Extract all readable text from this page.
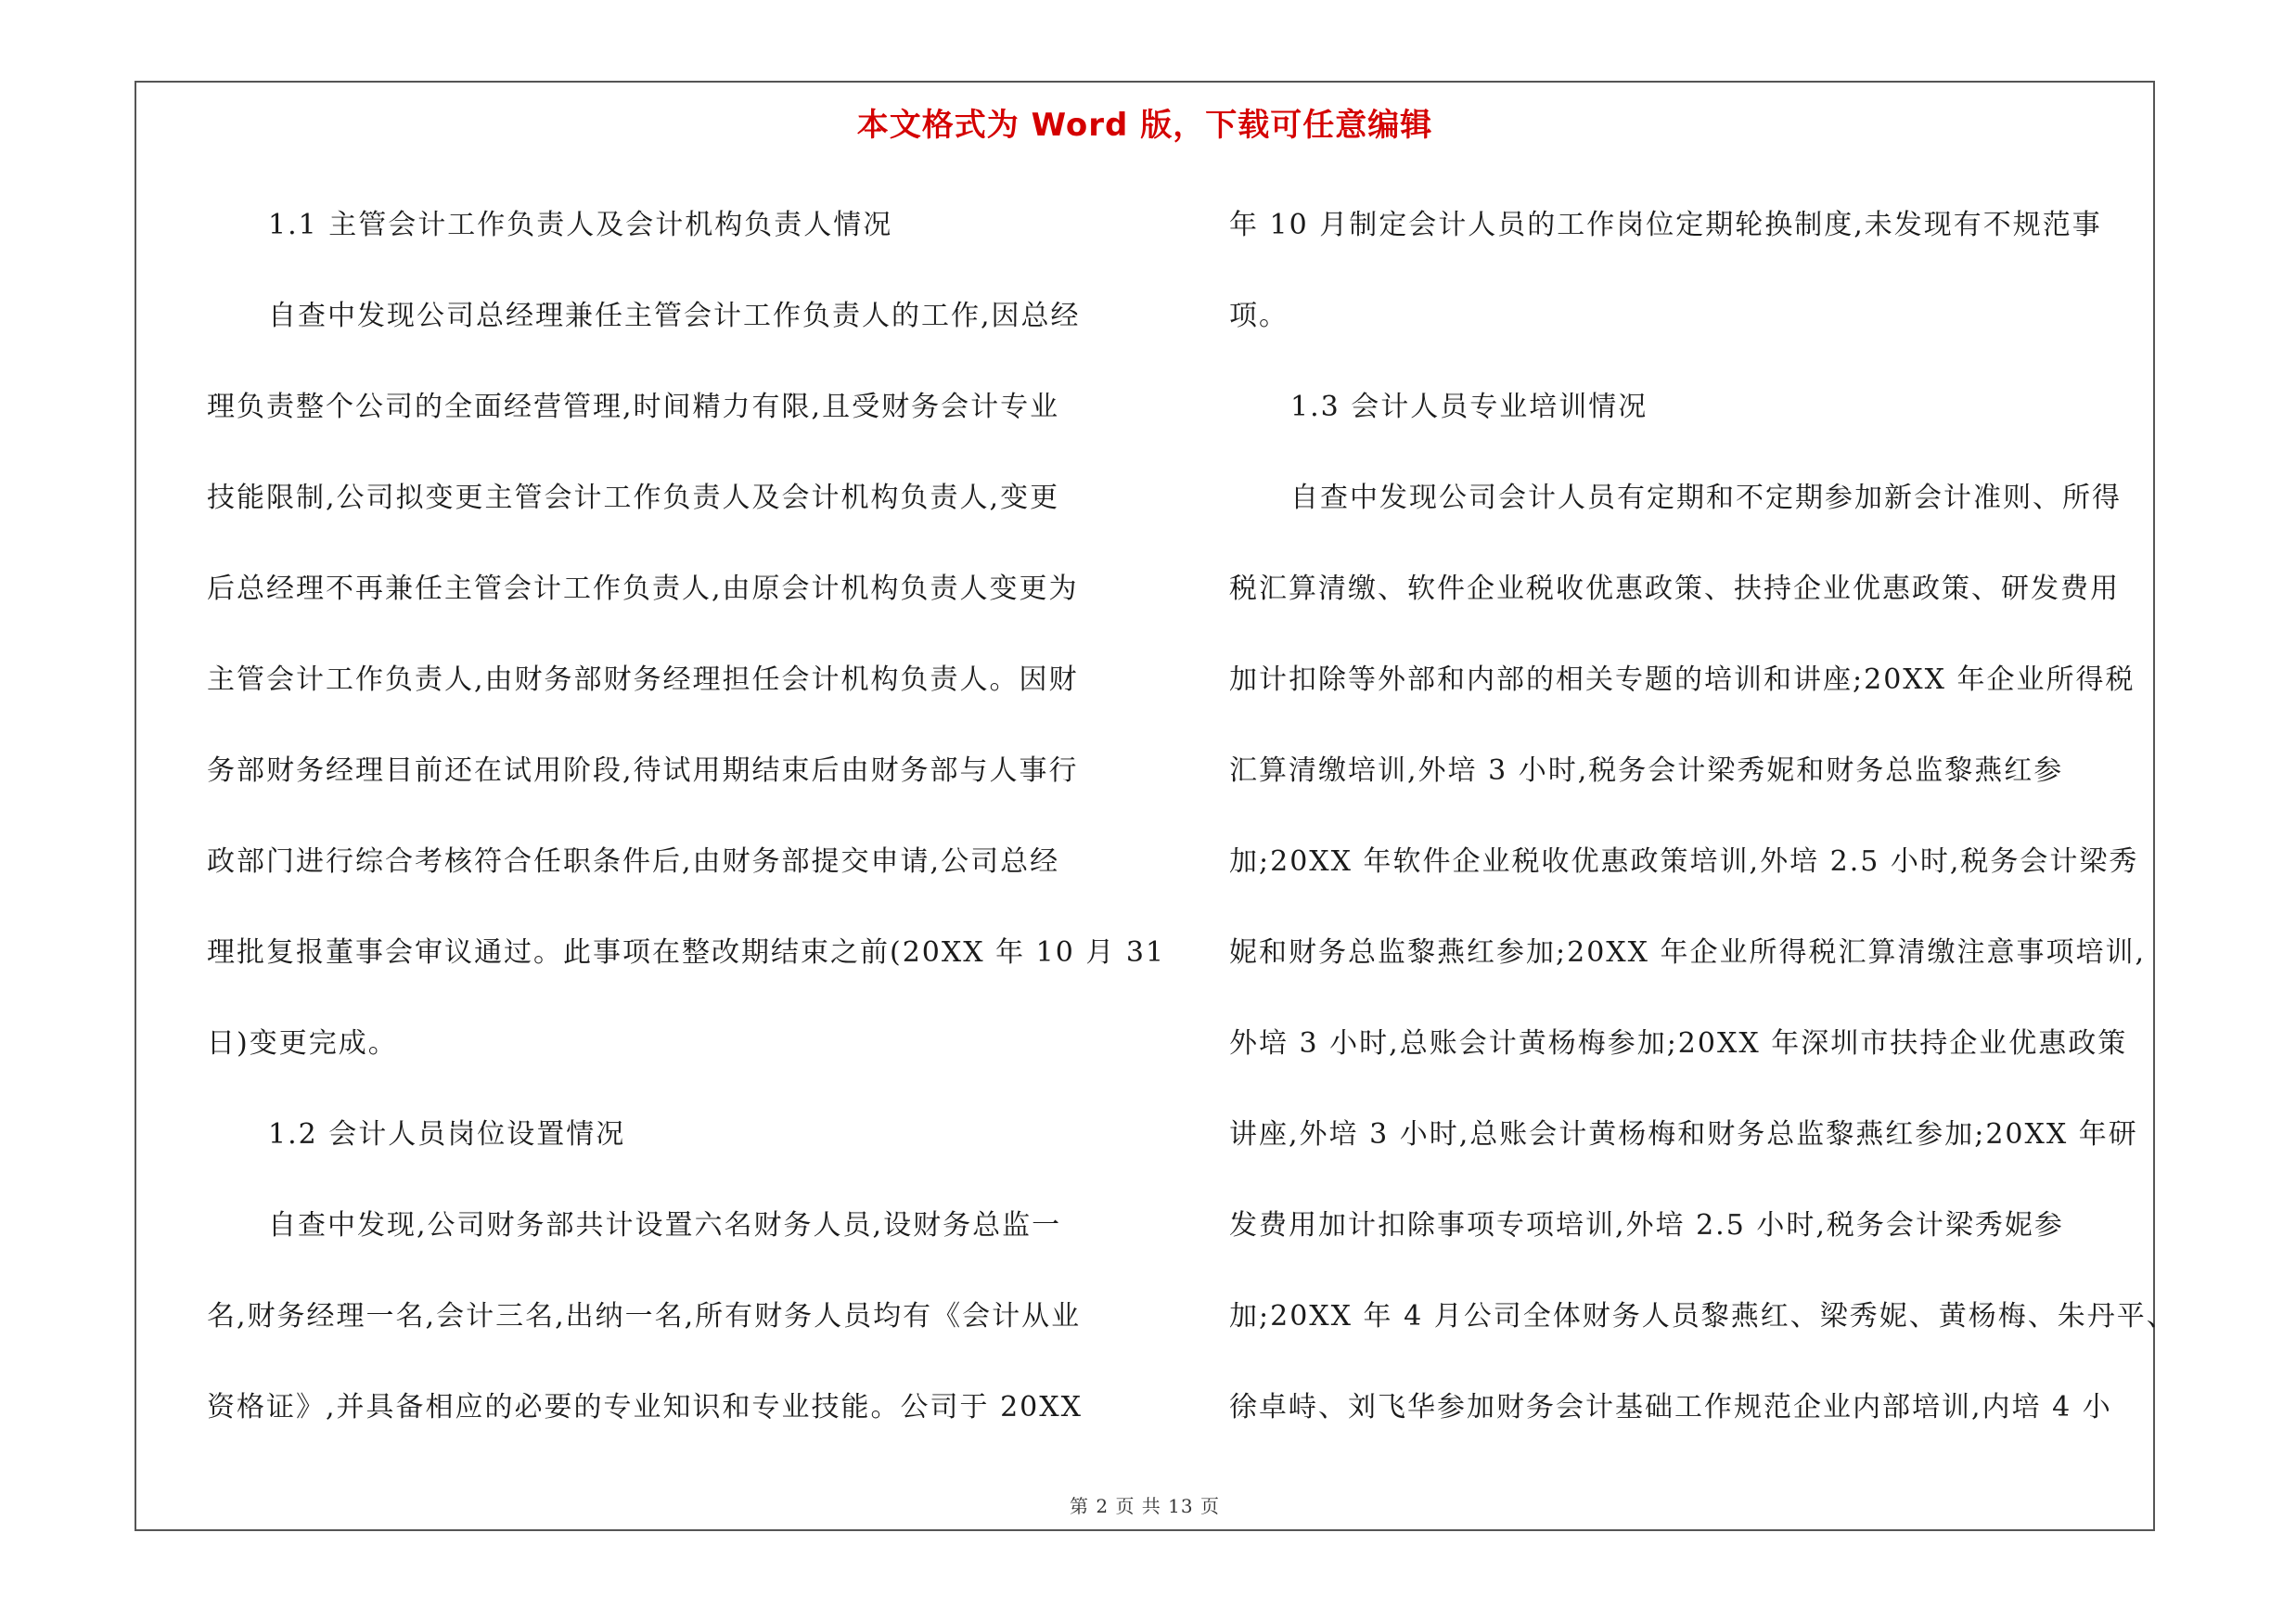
本文格式为 Word 版，下载可任意编辑
1.1 主管会计工作负责人及会计机构负责人情况
自查中发现公司总经理兼任主管会计工作负责人的工作,因总经
理负责整个公司的全面经营管理,时间精力有限,且受财务会计专业
技能限制,公司拟变更主管会计工作负责人及会计机构负责人,变更
后总经理不再兼任主管会计工作负责人,由原会计机构负责人变更为
主管会计工作负责人,由财务部财务经理担任会计机构负责人。因财
务部财务经理目前还在试用阶段,待试用期结束后由财务部与人事行
政部门进行综合考核符合任职条件后,由财务部提交申请,公司总经
理批复报董事会审议通过。此事项在整改期结束之前(20XX 年 10 月 31
日)变更完成。
1.2 会计人员岗位设置情况
自查中发现,公司财务部共计设置六名财务人员,设财务总监一
名,财务经理一名,会计三名,出纳一名,所有财务人员均有《会计从业
资格证》,并具备相应的必要的专业知识和专业技能。公司于 20XX
年 10 月制定会计人员的工作岗位定期轮换制度,未发现有不规范事
项。
1.3 会计人员专业培训情况
自查中发现公司会计人员有定期和不定期参加新会计准则、所得
税汇算清缴、软件企业税收优惠政策、扶持企业优惠政策、研发费用
加计扣除等外部和内部的相关专题的培训和讲座;20XX 年企业所得税
汇算清缴培训,外培 3 小时,税务会计梁秀妮和财务总监黎燕红参
加;20XX 年软件企业税收优惠政策培训,外培 2.5 小时,税务会计梁秀
妮和财务总监黎燕红参加;20XX 年企业所得税汇算清缴注意事项培训,
外培 3 小时,总账会计黄杨梅参加;20XX 年深圳市扶持企业优惠政策
讲座,外培 3 小时,总账会计黄杨梅和财务总监黎燕红参加;20XX 年研
发费用加计扣除事项专项培训,外培 2.5 小时,税务会计梁秀妮参
加;20XX 年 4 月公司全体财务人员黎燕红、梁秀妮、黄杨梅、朱丹平、
徐卓峙、刘飞华参加财务会计基础工作规范企业内部培训,内培 4 小
第 2 页 共 13 页
